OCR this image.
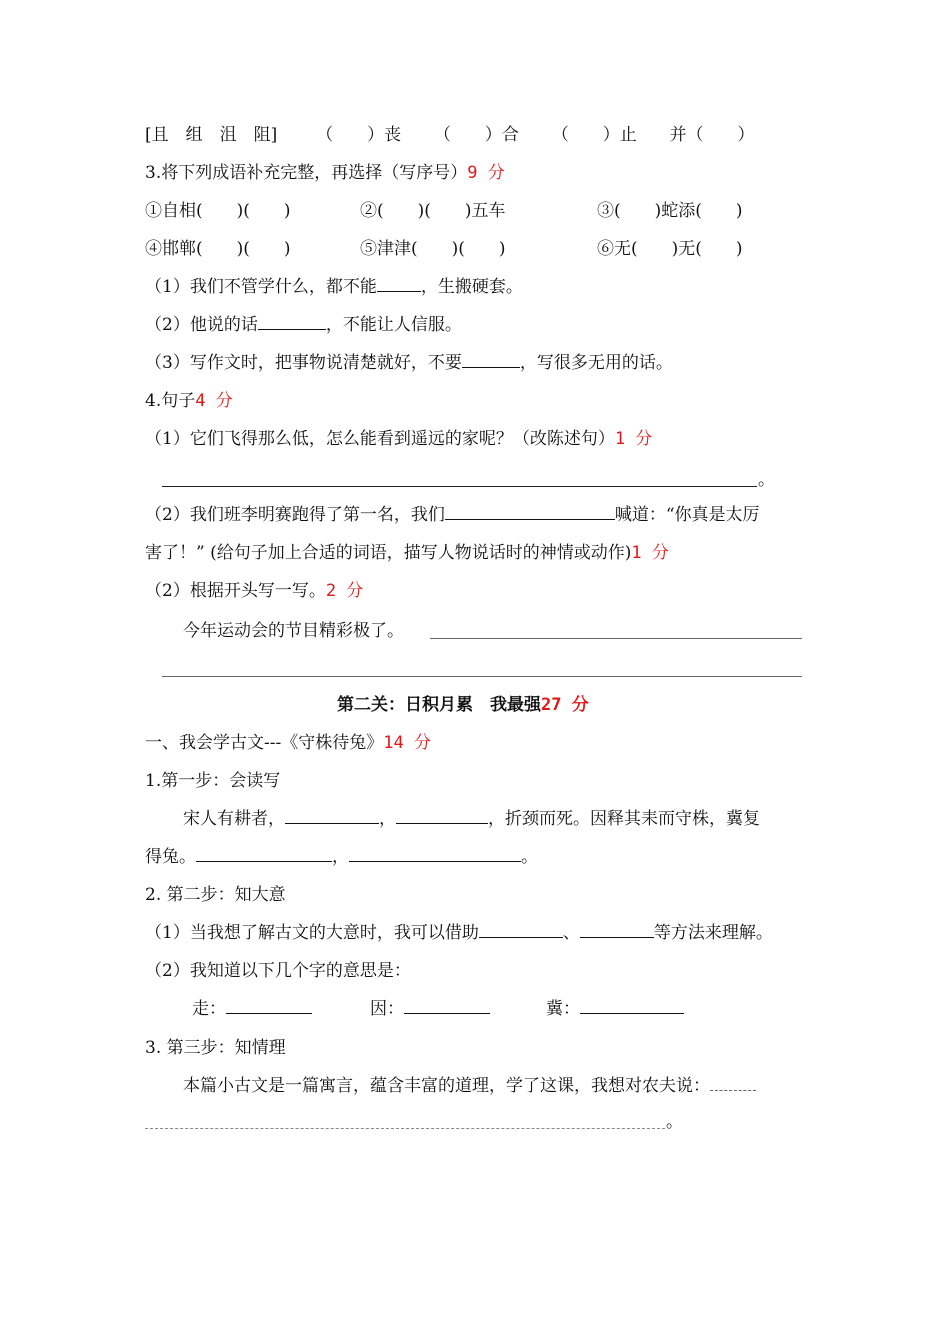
[且　组　沮　阻] （　　）丧 （　　）合 （　　）止 并（　　）
3.将下列成语补充完整，再选择（写序号）9 分
①自相(　　)(　　)	②(　　)(　　)五车	③(　　)蛇添(　　)
④邯郸(　　)(　　)	⑤津津(　　)(　　)	⑥无(　　)无(　　)
（1）我们不管学什么，都不能	，生搬硬套。
（2）他说的话	，不能让人信服。
（3）写作文时，把事物说清楚就好，不要	，写很多无用的话。
4.句子4 分
（1）它们飞得那么低，怎么能看到遥远的家呢？（改陈述句）1 分
。
（2）我们班李明赛跑得了第一名，我们	喊道：“你真是太厉
害了！” (给句子加上合适的词语，描写人物说话时的神情或动作)1 分
（2）根据开头写一写。2 分
今年运动会的节目精彩极了。
第二关：日积月累　我最强27 分
一、我会学古文---《守株待兔》14 分
1.第一步：会读写
宋人有耕者，	，	，折颈而死。因释其耒而守株，冀复
得兔。	，	。
2. 第二步：知大意
（1）当我想了解古文的大意时，我可以借助	、	等方法来理解。
（2）我知道以下几个字的意思是：
走：	因：	冀：
3. 第三步：知情理
本篇小古文是一篇寓言，蕴含丰富的道理，学了这课，我想对农夫说：
。
